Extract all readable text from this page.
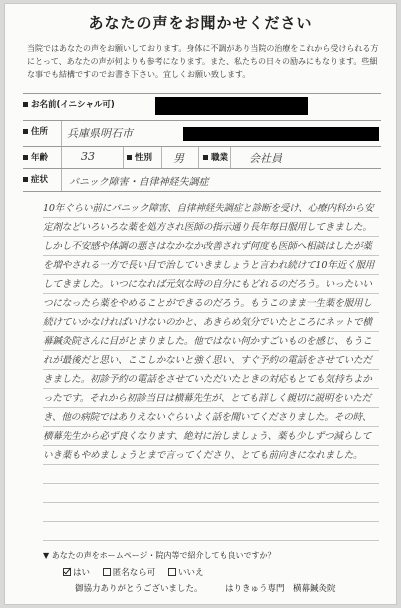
あなたの声をお聞かせください
当院ではあなたの声をお願いしております。身体に不調があり当院の治療をこれから受けられる方にとって、あなたの声が何よりも参考になります。また、私たちの日々の励みにもなります。些細な事でも結構ですのでお書き下さい。宜しくお願い致します。
お名前(イニシャル可)
住所 兵庫県明石市
年齢	33	性別 男	職業 会社員
症状 パニック障害・自律神経失調症
10年ぐらい前にパニック障害、自律神経失調症と診断を受け、心療内科から安定剤などいろいろな薬を処方され医師の指示通り長年毎日服用してきました。しかし不安感や体調の悪さはなかなか改善されず何度も医師へ相談はしたが薬を増やされる一方で長い目で治していきましょうと言われ続けて10年近く服用してきました。いつになれば元気な時の自分にもどれるのだろう。いったいいつになったら薬をやめることができるのだろう。もうこのまま一生薬を服用し続けていかなければいけないのかと、あきらめ気分でいたところにネットで横幕鍼灸院さんに目がとまりました。他ではない何かすごいものを感じ、もうこれが最後だと思い、ここしかないと強く思い、すぐ予約の電話をさせていただきました。初診予約の電話をさせていただいたときの対応もとても気持ちよかったです。それから初診当日は横幕先生が、とても詳しく親切に説明をいただき、他の病院ではありえないぐらいよく話を聞いてくださりました。その時、横幕先生から必ず良くなります、絶対に治しましょう、薬も少しずつ減らしていき薬もやめましょうとまで言ってくださり、とても前向きになれました。
▼ あなたの声をホームページ・院内等で紹介しても良いですか？
はい	匿名なら可	いいえ
御協力ありがとうございました。	はりきゅう専門　横幕鍼灸院
